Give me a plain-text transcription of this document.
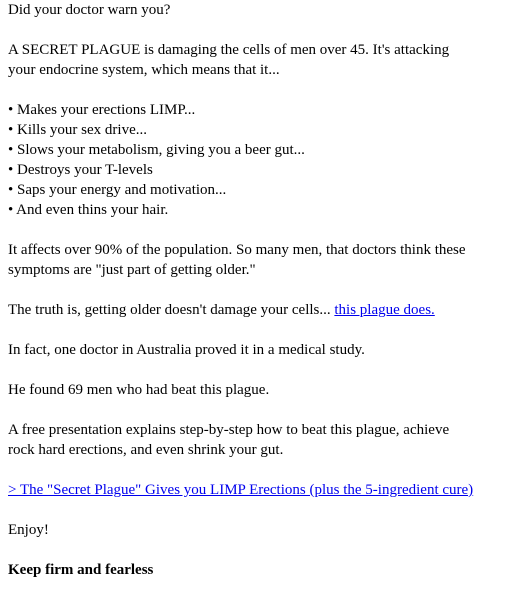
Did your doctor warn you?

A SECRET PLAGUE is damaging the cells of men over 45. It's attacking

your endocrine system, which means that it...

• Makes your erections LIMP...

• Kills your sex drive...

• Slows your metabolism, giving you a beer gut...

• Destroys your T-levels

• Saps your energy and motivation...

• And even thins your hair.

It affects over 90% of the population. So many men, that doctors think these

symptoms are "just part of getting older."

The truth is, getting older doesn't damage your cells... this plague does.

In fact, one doctor in Australia proved it in a medical study.

He found 69 men who had beat this plague.

A free presentation explains step-by-step how to beat this plague, achieve

rock hard erections, and even shrink your gut.

> The "Secret Plague" Gives you LIMP Erections (plus the 5-ingredient cure)

Enjoy!

Keep firm and fearless
